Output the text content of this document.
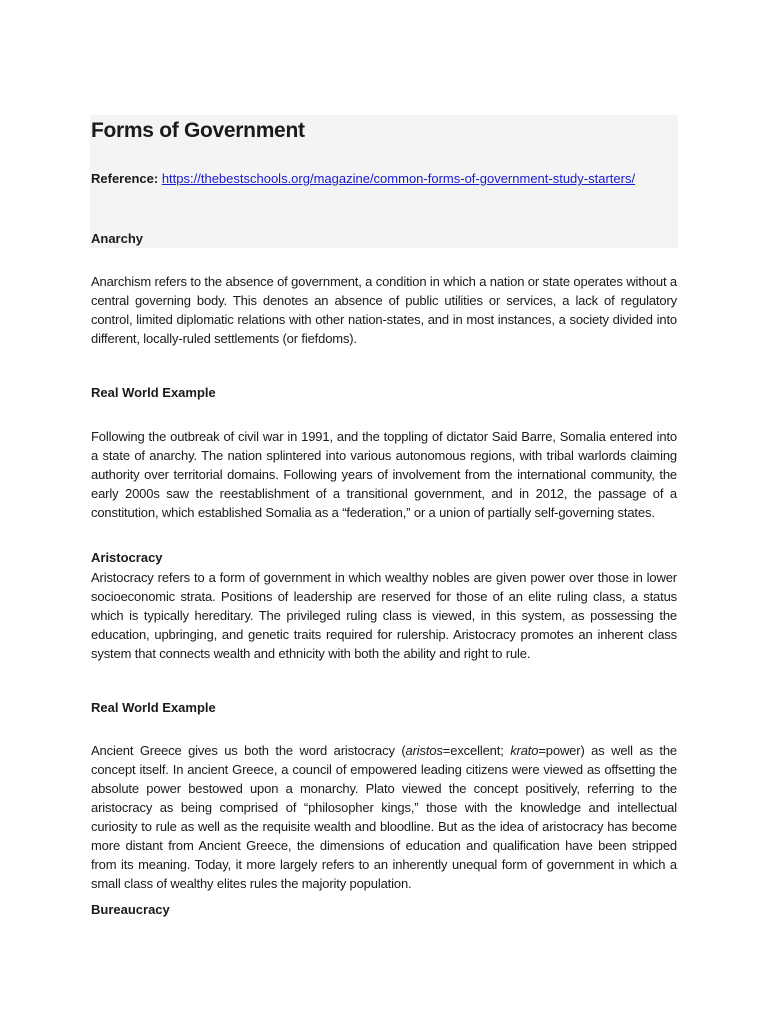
Forms of Government
Reference: https://thebestschools.org/magazine/common-forms-of-government-study-starters/
Anarchy

Anarchism refers to the absence of government, a condition in which a nation or state operates without a central governing body. This denotes an absence of public utilities or services, a lack of regulatory control, limited diplomatic relations with other nation-states, and in most instances, a society divided into different, locally-ruled settlements (or fiefdoms).

Real World Example

Following the outbreak of civil war in 1991, and the toppling of dictator Said Barre, Somalia entered into a state of anarchy. The nation splintered into various autonomous regions, with tribal warlords claiming authority over territorial domains. Following years of involvement from the international community, the early 2000s saw the reestablishment of a transitional government, and in 2012, the passage of a constitution, which established Somalia as a “federation,” or a union of partially self-governing states.

Aristocracy

Aristocracy refers to a form of government in which wealthy nobles are given power over those in lower socioeconomic strata. Positions of leadership are reserved for those of an elite ruling class, a status which is typically hereditary. The privileged ruling class is viewed, in this system, as possessing the education, upbringing, and genetic traits required for rulership. Aristocracy promotes an inherent class system that connects wealth and ethnicity with both the ability and right to rule.

Real World Example

Ancient Greece gives us both the word aristocracy (aristos=excellent; krato=power) as well as the concept itself. In ancient Greece, a council of empowered leading citizens were viewed as offsetting the absolute power bestowed upon a monarchy. Plato viewed the concept positively, referring to the aristocracy as being comprised of “philosopher kings,” those with the knowledge and intellectual curiosity to rule as well as the requisite wealth and bloodline. But as the idea of aristocracy has become more distant from Ancient Greece, the dimensions of education and qualification have been stripped from its meaning. Today, it more largely refers to an inherently unequal form of government in which a small class of wealthy elites rules the majority population.

Bureaucracy
